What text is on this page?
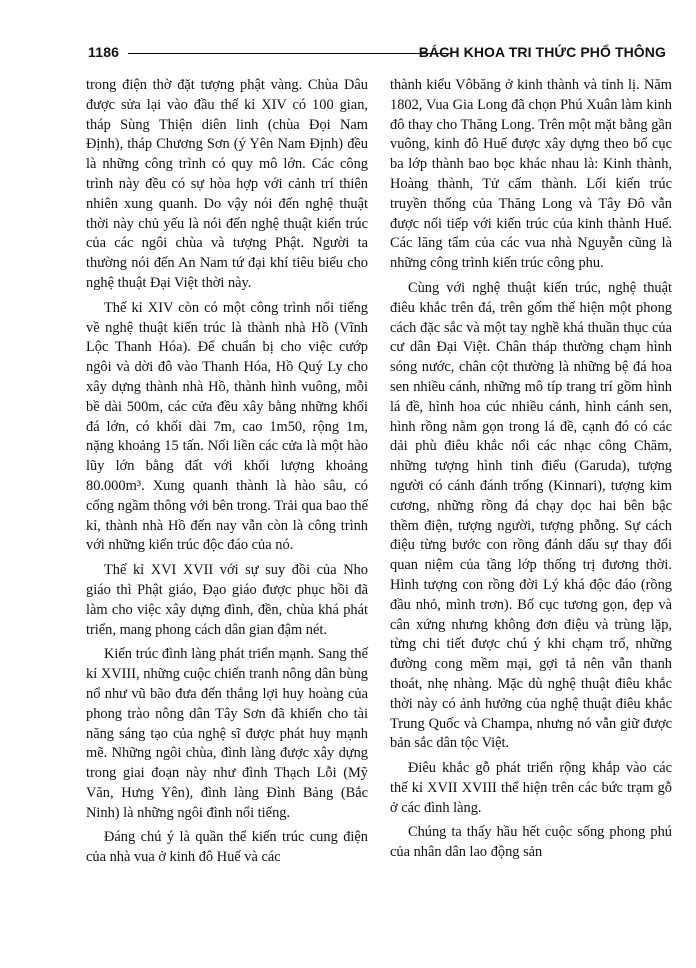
1186	BÁCH KHOA TRI THỨC PHỔ THÔNG

trong điện thờ đặt tượng phật vàng. Chùa Dâu được sửa lại vào đầu thế kỉ XIV có 100 gian, tháp Sùng Thiện diên linh (chùa Đọi Nam Định), tháp Chương Sơn (ý Yên Nam Định) đều là những công trình có quy mô lớn. Các công trình này đều có sự hòa hợp với cảnh trí thiên nhiên xung quanh. Do vậy nói đến nghệ thuật thời này chủ yếu là nói đến nghệ thuật kiến trúc của các ngôi chùa và tượng Phật. Người ta thường nói đến An Nam tứ đại khí tiêu biểu cho nghệ thuật Đại Việt thời này.

Thế kỉ XIV còn có một công trình nổi tiếng về nghệ thuật kiến trúc là thành nhà Hồ (Vĩnh Lộc Thanh Hóa). Để chuẩn bị cho việc cướp ngôi và dời đô vào Thanh Hóa, Hồ Quý Ly cho xây dựng thành nhà Hồ, thành hình vuông, mỗi bề dài 500m, các cửa đều xây bằng những khối đá lớn, có khối dài 7m, cao 1m50, rộng 1m, nặng khoảng 15 tấn. Nối liền các cửa là một hào lũy lớn bằng đất với khối lượng khoảng 80.000m³. Xung quanh thành là hào sâu, có cống ngầm thông với bên trong. Trải qua bao thế kỉ, thành nhà Hồ đến nay vẫn còn là công trình với những kiến trúc độc đáo của nó.

Thế kỉ XVI XVII với sự suy đồi của Nho giáo thì Phật giáo, Đạo giáo được phục hồi đã làm cho việc xây dựng đình, đền, chùa khá phát triển, mang phong cách dân gian đậm nét.

Kiến trúc đình làng phát triển mạnh. Sang thế kỉ XVIII, những cuộc chiến tranh nông dân bùng nổ như vũ bão đưa đến thắng lợi huy hoàng của phong trào nông dân Tây Sơn đã khiến cho tài năng sáng tạo của nghệ sĩ được phát huy mạnh mẽ. Những ngôi chùa, đình làng được xây dựng trong giai đoạn này như đình Thạch Lỗi (Mỹ Văn, Hưng Yên), đình làng Đình Bảng (Bắc Ninh) là những ngôi đình nổi tiếng.

Đáng chú ý là quần thể kiến trúc cung điện của nhà vua ở kinh đô Huế và các

thành kiểu Vôbăng ở kinh thành và tỉnh lị. Năm 1802, Vua Gia Long đã chọn Phú Xuân làm kinh đô thay cho Thăng Long. Trên một mặt bằng gần vuông, kinh đô Huế được xây dựng theo bố cục ba lớp thành bao bọc khác nhau là: Kinh thành, Hoàng thành, Tử cấm thành. Lối kiến trúc truyền thống của Thăng Long và Tây Đô vẫn được nối tiếp với kiến trúc của kinh thành Huế. Các lăng tẩm của các vua nhà Nguyễn cũng là những công trình kiến trúc công phu.

Cùng với nghệ thuật kiến trúc, nghệ thuật điêu khắc trên đá, trên gốm thể hiện một phong cách đặc sắc và một tay nghề khá thuần thục của cư dân Đại Việt. Chân tháp thường chạm hình sóng nước, chân cột thường là những bệ đá hoa sen nhiều cánh, những mô típ trang trí gồm hình lá đề, hình hoa cúc nhiều cánh, hình cánh sen, hình rồng nằm gọn trong lá đề, cạnh đó có các dải phù điêu khắc nổi các nhạc công Chăm, những tượng hình tinh điểu (Garuda), tượng người có cánh đánh trống (Kinnari), tượng kim cương, những rồng đá chạy dọc hai bên bậc thềm điện, tượng người, tượng phỗng. Sự cách điệu từng bước con rồng đánh dấu sự thay đổi quan niệm của tầng lớp thống trị đương thời. Hình tượng con rồng đời Lý khá độc đáo (rồng đầu nhỏ, mình trơn). Bố cục tương gọn, đẹp và cân xứng nhưng không đơn điệu và trùng lặp, từng chi tiết được chú ý khi chạm trổ, những đường cong mềm mại, gợi tả nên vẫn thanh thoát, nhẹ nhàng. Mặc dù nghệ thuật điêu khắc thời này có ảnh hưởng của nghệ thuật điêu khắc Trung Quốc và Champa, nhưng nó vẫn giữ được bản sắc dân tộc Việt.

Điêu khắc gỗ phát triển rộng khắp vào các thế kỉ XVII XVIII thể hiện trên các bức trạm gỗ ở các đình làng.

Chúng ta thấy hầu hết cuộc sống phong phú của nhân dân lao động sản
